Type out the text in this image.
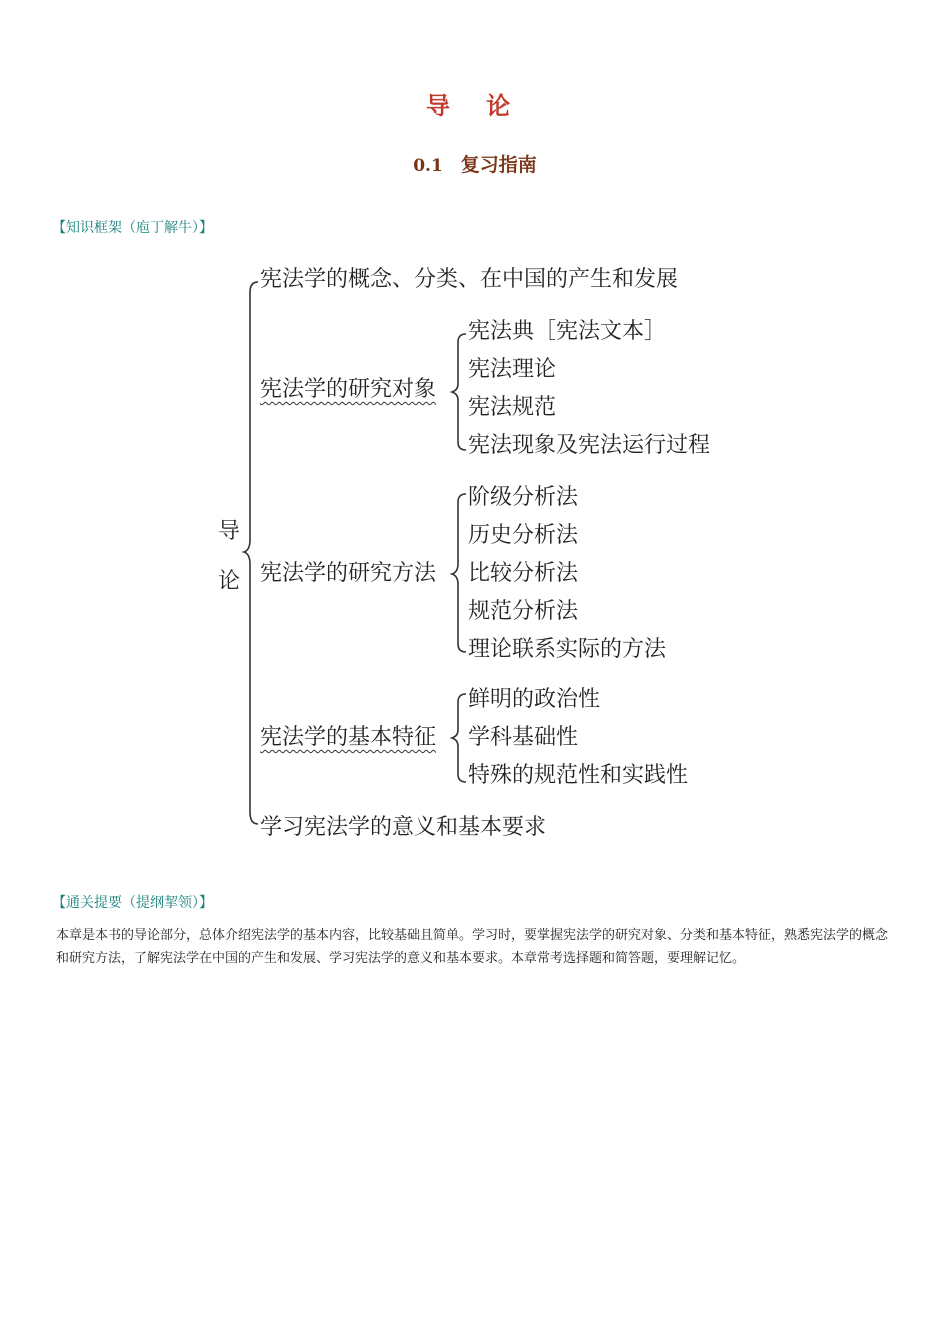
导 论
0.1 复习指南
【知识框架（庖丁解牛）】
导
论
宪法学的概念、分类、在中国的产生和发展
宪法学的研究对象
宪法典［宪法文本］
宪法理论
宪法规范
宪法现象及宪法运行过程
宪法学的研究方法
阶级分析法
历史分析法
比较分析法
规范分析法
理论联系实际的方法
宪法学的基本特征
鲜明的政治性
学科基础性
特殊的规范性和实践性
学习宪法学的意义和基本要求
【通关提要（提纲挈领）】
本章是本书的导论部分，总体介绍宪法学的基本内容，比较基础且简单。学习时，要掌握宪法学的研究对象、分类和基本特征，熟悉宪法学的概念和研究方法，了解宪法学在中国的产生和发展、学习宪法学的意义和基本要求。本章常考选择题和简答题，要理解记忆。
